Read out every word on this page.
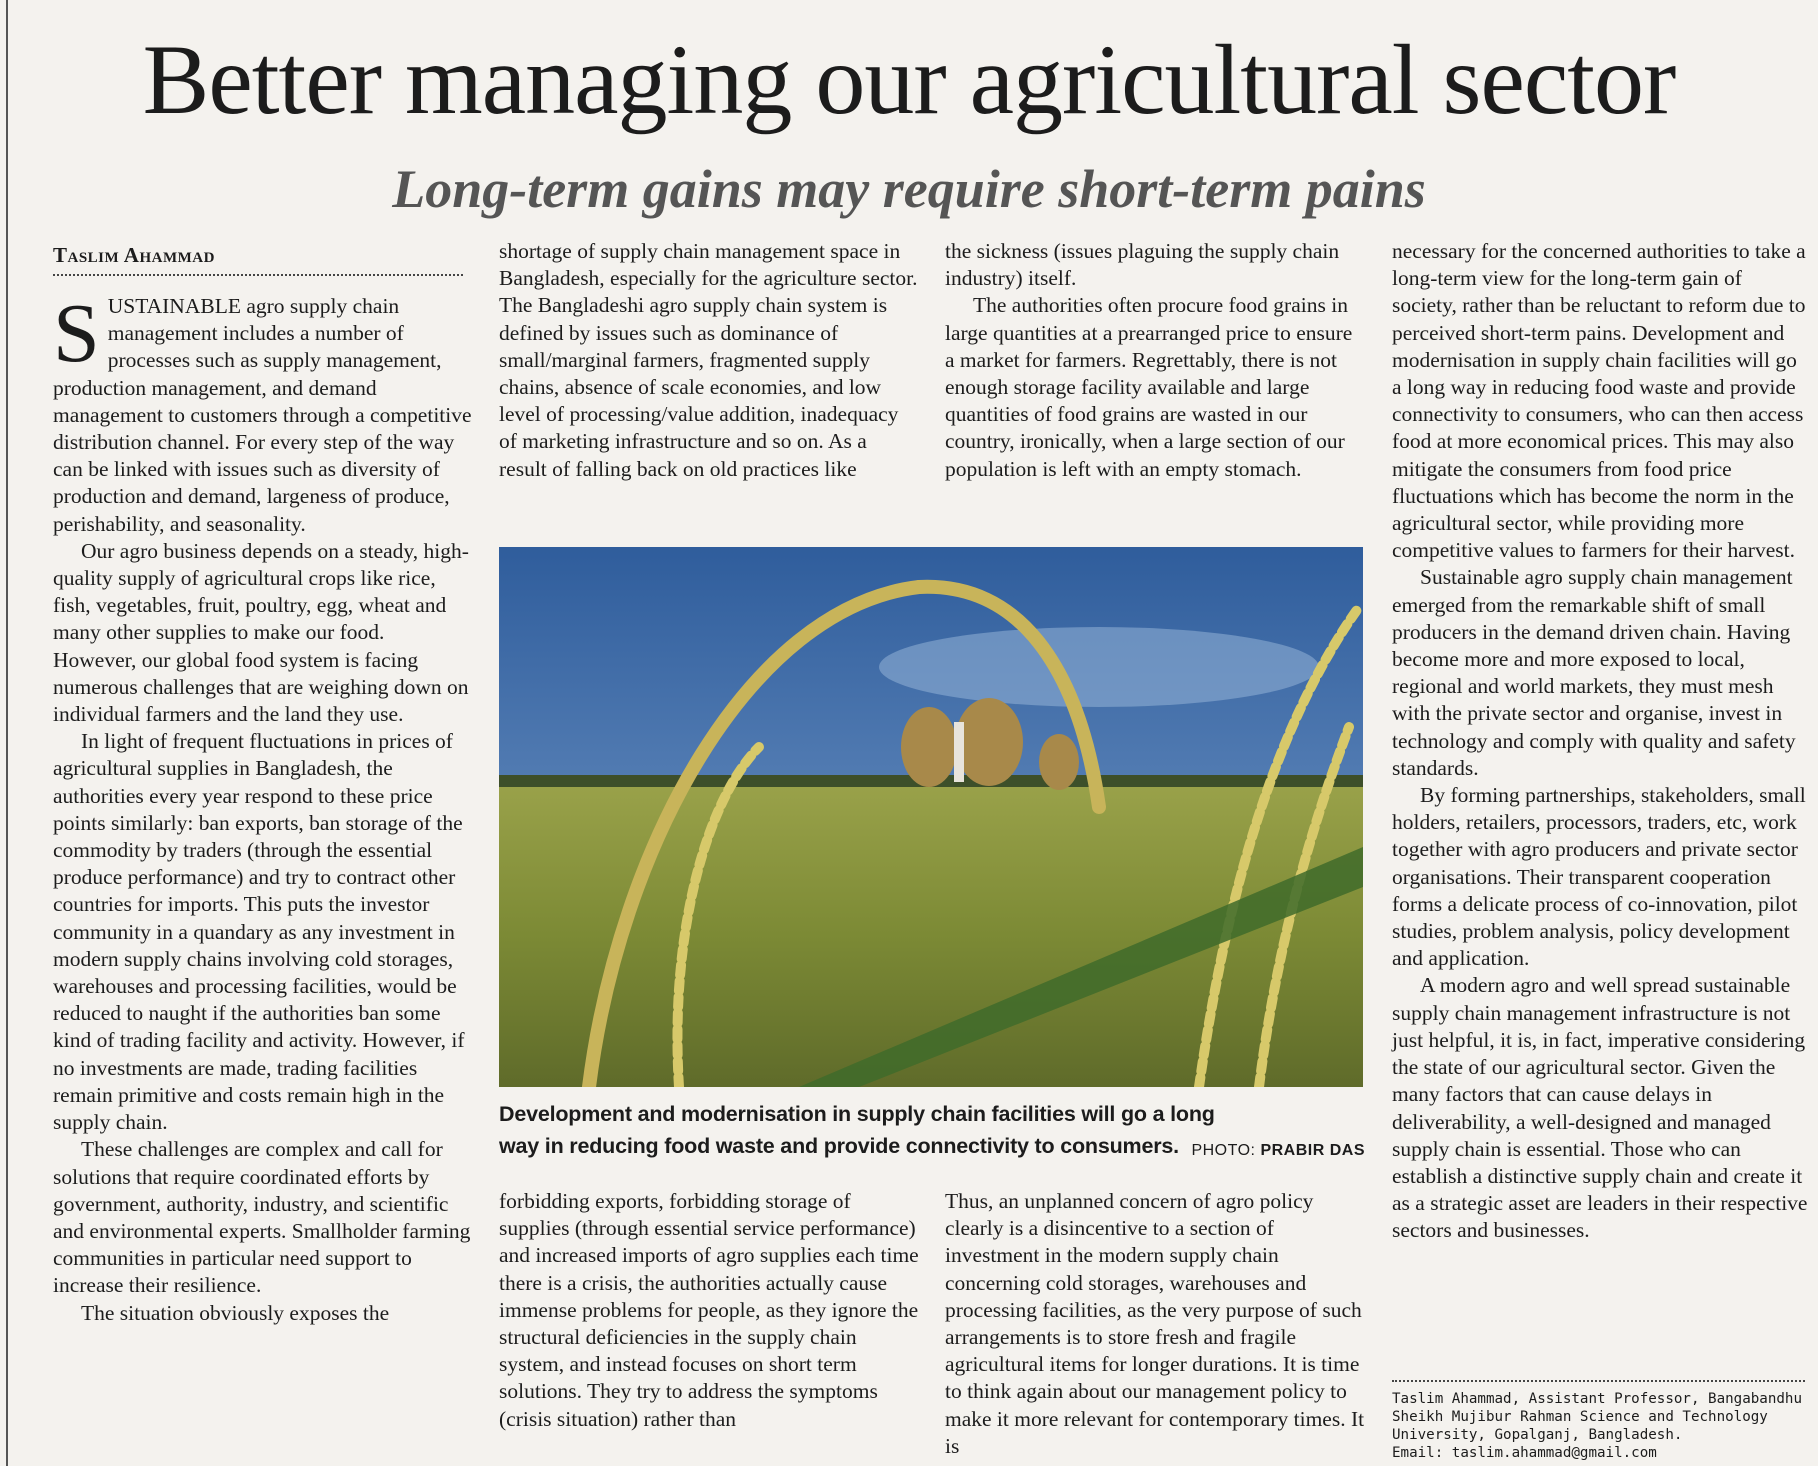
Better managing our agricultural sector
Long-term gains may require short-term pains
Taslim Ahammad

SUSTAINABLE agro supply chain management includes a number of processes such as supply management, production management, and demand management to customers through a competitive distribution channel. For every step of the way can be linked with issues such as diversity of production and demand, largeness of produce, perishability, and seasonality.

Our agro business depends on a steady, high-quality supply of agricultural crops like rice, fish, vegetables, fruit, poultry, egg, wheat and many other supplies to make our food. However, our global food system is facing numerous challenges that are weighing down on individual farmers and the land they use.

In light of frequent fluctuations in prices of agricultural supplies in Bangladesh, the authorities every year respond to these price points similarly: ban exports, ban storage of the commodity by traders (through the essential produce performance) and try to contract other countries for imports. This puts the investor community in a quandary as any investment in modern supply chains involving cold storages, warehouses and processing facilities, would be reduced to naught if the authorities ban some kind of trading facility and activity. However, if no investments are made, trading facilities remain primitive and costs remain high in the supply chain.

These challenges are complex and call for solutions that require coordinated efforts by government, authority, industry, and scientific and environmental experts. Smallholder farming communities in particular need support to increase their resilience.

The situation obviously exposes the

shortage of supply chain management space in Bangladesh, especially for the agriculture sector. The Bangladeshi agro supply chain system is defined by issues such as dominance of small/marginal farmers, fragmented supply chains, absence of scale economies, and low level of processing/value addition, inadequacy of marketing infrastructure and so on. As a result of falling back on old practices like

the sickness (issues plaguing the supply chain industry) itself.

The authorities often procure food grains in large quantities at a prearranged price to ensure a market for farmers. Regrettably, there is not enough storage facility available and large quantities of food grains are wasted in our country, ironically, when a large section of our population is left with an empty stomach.

Development and modernisation in supply chain facilities will go a long way in reducing food waste and provide connectivity to consumers. PHOTO: PRABIR DAS

forbidding exports, forbidding storage of supplies (through essential service performance) and increased imports of agro supplies each time there is a crisis, the authorities actually cause immense problems for people, as they ignore the structural deficiencies in the supply chain system, and instead focuses on short term solutions. They try to address the symptoms (crisis situation) rather than

Thus, an unplanned concern of agro policy clearly is a disincentive to a section of investment in the modern supply chain concerning cold storages, warehouses and processing facilities, as the very purpose of such arrangements is to store fresh and fragile agricultural items for longer durations. It is time to think again about our management policy to make it more relevant for contemporary times. It is

necessary for the concerned authorities to take a long-term view for the long-term gain of society, rather than be reluctant to reform due to perceived short-term pains. Development and modernisation in supply chain facilities will go a long way in reducing food waste and provide connectivity to consumers, who can then access food at more economical prices. This may also mitigate the consumers from food price fluctuations which has become the norm in the agricultural sector, while providing more competitive values to farmers for their harvest.

Sustainable agro supply chain management emerged from the remarkable shift of small producers in the demand driven chain. Having become more and more exposed to local, regional and world markets, they must mesh with the private sector and organise, invest in technology and comply with quality and safety standards.

By forming partnerships, stakeholders, small holders, retailers, processors, traders, etc, work together with agro producers and private sector organisations. Their transparent cooperation forms a delicate process of co-innovation, pilot studies, problem analysis, policy development and application.

A modern agro and well spread sustainable supply chain management infrastructure is not just helpful, it is, in fact, imperative considering the state of our agricultural sector. Given the many factors that can cause delays in deliverability, a well-designed and managed supply chain is essential. Those who can establish a distinctive supply chain and create it as a strategic asset are leaders in their respective sectors and businesses.

Taslim Ahammad, Assistant Professor, Bangabandhu
Sheikh Mujibur Rahman Science and Technology
University, Gopalganj, Bangladesh.
Email: taslim.ahammad@gmail.com
